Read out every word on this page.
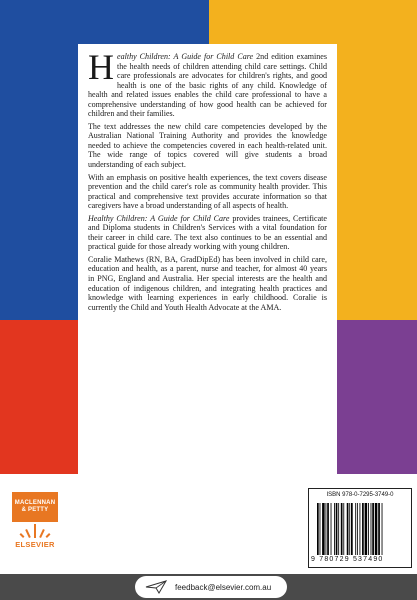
Healthy Children: A Guide for Child Care 2nd edition examines the health needs of children attending child care settings. Child care professionals are advocates for children's rights, and good health is one of the basic rights of any child. Knowledge of health and related issues enables the child care professional to have a comprehensive understanding of how good health can be achieved for children and their families.

The text addresses the new child care competencies developed by the Australian National Training Authority and provides the knowledge needed to achieve the competencies covered in each health-related unit. The wide range of topics covered will give students a broad understanding of each subject.

With an emphasis on positive health experiences, the text covers disease prevention and the child carer's role as community health provider. This practical and comprehensive text provides accurate information so that caregivers have a broad understanding of all aspects of health.

Healthy Children: A Guide for Child Care provides trainees, Certificate and Diploma students in Children's Services with a vital foundation for their career in child care. The text also continues to be an essential and practical guide for those already working with young children.

Coralie Mathews (RN, BA, GradDipEd) has been involved in child care, education and health, as a parent, nurse and teacher, for almost 40 years in PNG, England and Australia. Her special interests are the health and education of indigenous children, and integrating health practices and knowledge with learning experiences in early childhood. Coralie is currently the Child and Youth Health Advocate at the AMA.

MACLENNAN
& PETTY
ELSEVIER
ISBN 978-0-7295-3749-0
9 780729 537490
feedback@elsevier.com.au
